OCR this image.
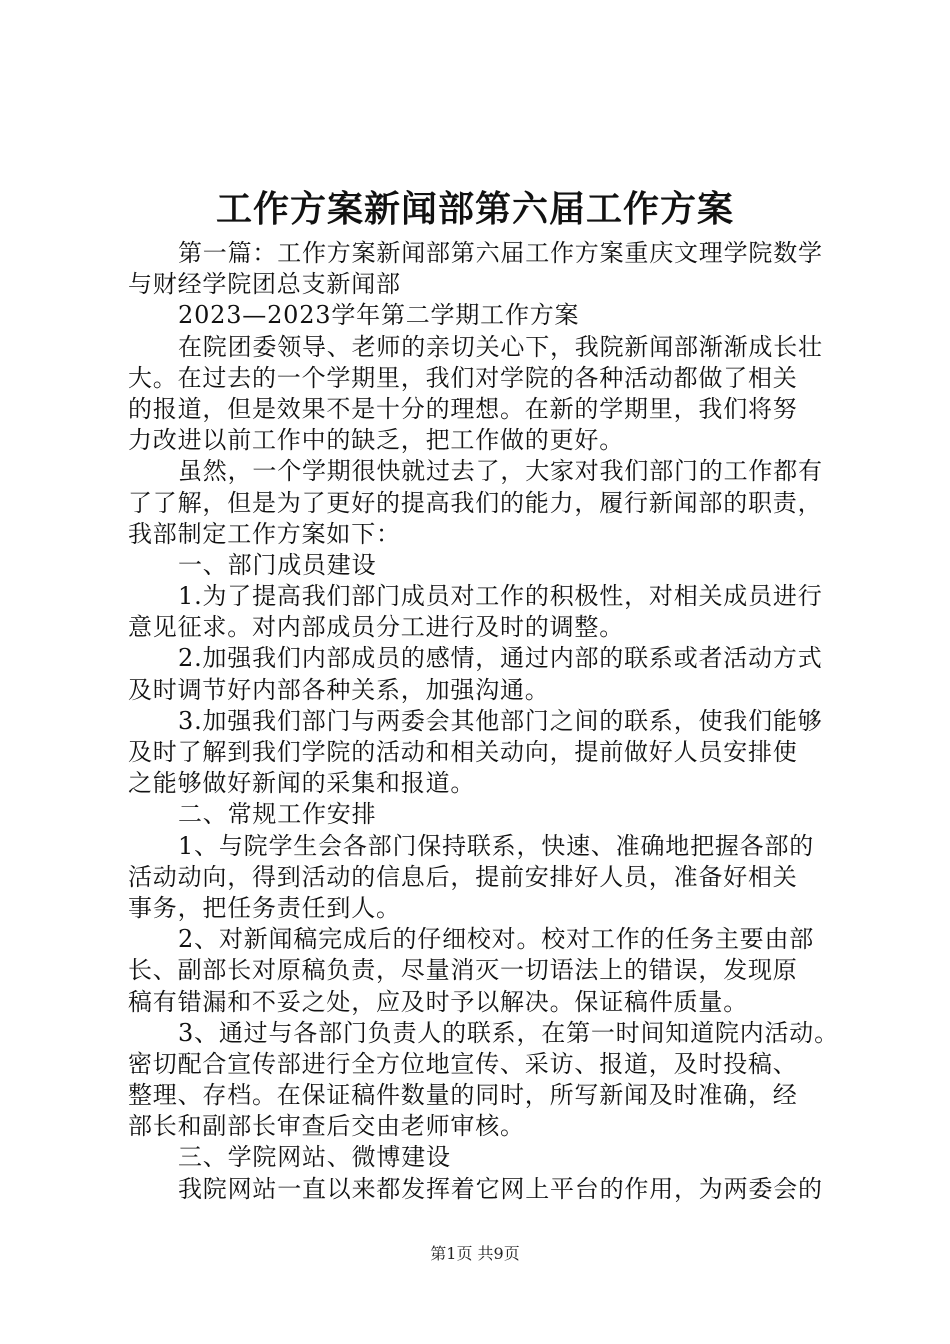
工作方案新闻部第六届工作方案
第一篇：工作方案新闻部第六届工作方案重庆文理学院数学
与财经学院团总支新闻部
2023—2023学年第二学期工作方案
在院团委领导、老师的亲切关心下，我院新闻部渐渐成长壮
大。在过去的一个学期里，我们对学院的各种活动都做了相关
的报道，但是效果不是十分的理想。在新的学期里，我们将努
力改进以前工作中的缺乏，把工作做的更好。
虽然，一个学期很快就过去了，大家对我们部门的工作都有
了了解，但是为了更好的提高我们的能力，履行新闻部的职责，
我部制定工作方案如下：
一、部门成员建设
1.为了提高我们部门成员对工作的积极性，对相关成员进行
意见征求。对内部成员分工进行及时的调整。
2.加强我们内部成员的感情，通过内部的联系或者活动方式
及时调节好内部各种关系，加强沟通。
3.加强我们部门与两委会其他部门之间的联系，使我们能够
及时了解到我们学院的活动和相关动向，提前做好人员安排使
之能够做好新闻的采集和报道。
二、常规工作安排
1、与院学生会各部门保持联系，快速、准确地把握各部的
活动动向，得到活动的信息后，提前安排好人员，准备好相关
事务，把任务责任到人。
2、对新闻稿完成后的仔细校对。校对工作的任务主要由部
长、副部长对原稿负责，尽量消灭一切语法上的错误，发现原
稿有错漏和不妥之处，应及时予以解决。保证稿件质量。
3、通过与各部门负责人的联系，在第一时间知道院内活动。
密切配合宣传部进行全方位地宣传、采访、报道，及时投稿、
整理、存档。在保证稿件数量的同时，所写新闻及时准确，经
部长和副部长审查后交由老师审核。
三、学院网站、微博建设
我院网站一直以来都发挥着它网上平台的作用，为两委会的
第1页 共9页
